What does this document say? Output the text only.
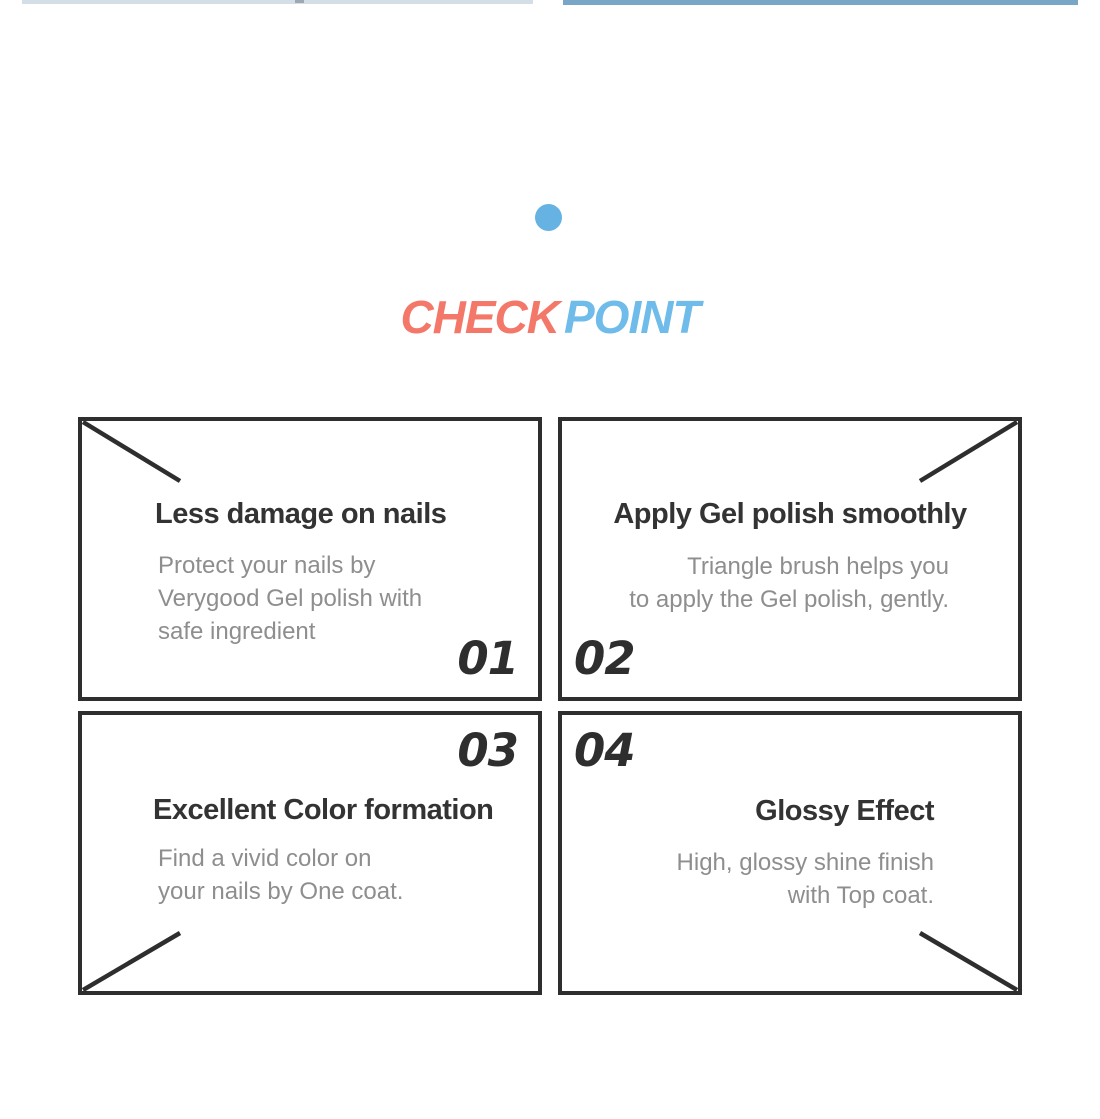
CHECK POINT
Less damage on nails
Protect your nails by
Verygood Gel polish with
safe ingredient
01
Apply Gel polish smoothly
Triangle brush helps you
to apply the Gel polish, gently.
02
03
Excellent Color formation
Find a vivid color on
your nails by One coat.
04
Glossy Effect
High, glossy shine finish
with Top coat.
